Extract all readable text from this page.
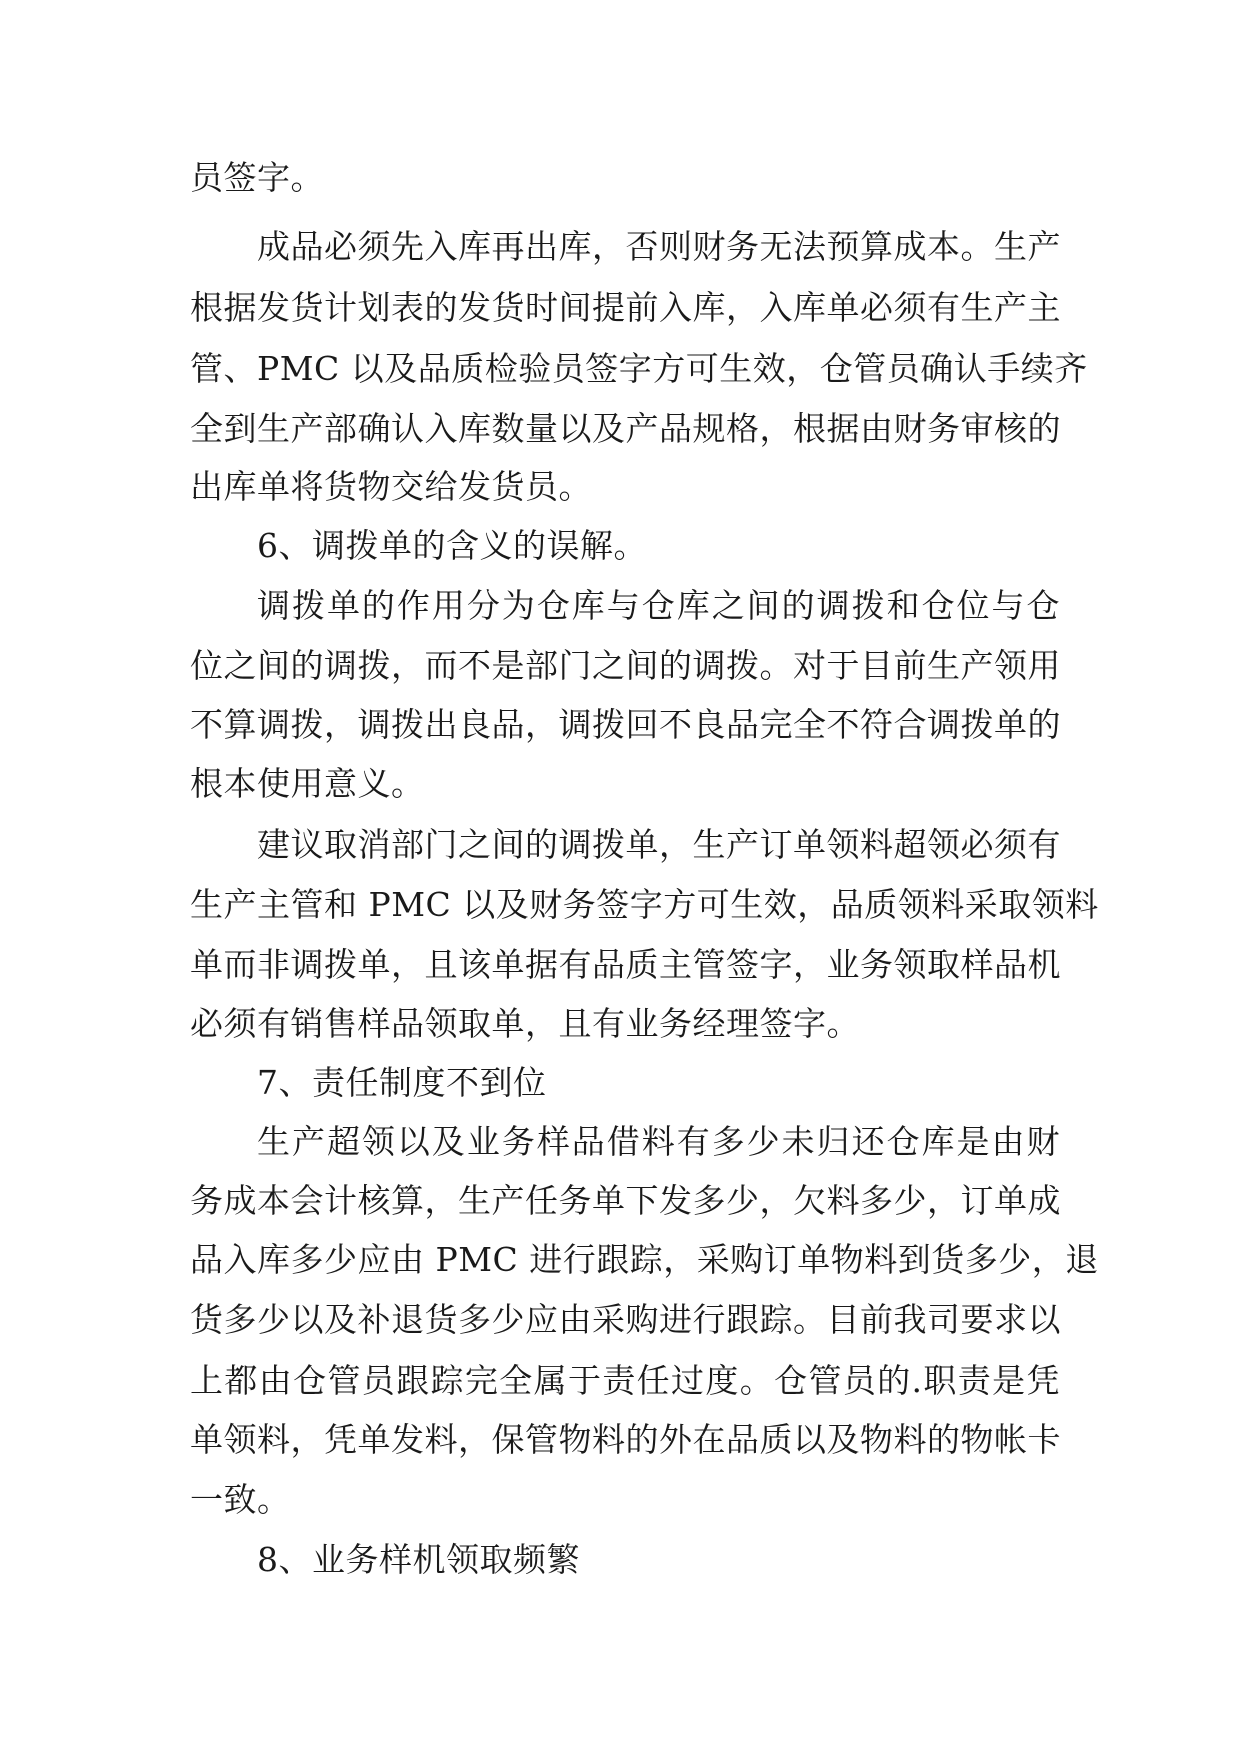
员签字。
成品必须先入库再出库，否则财务无法预算成本。生产
根据发货计划表的发货时间提前入库，入库单必须有生产主
管、PMC 以及品质检验员签字方可生效，仓管员确认手续齐
全到生产部确认入库数量以及产品规格，根据由财务审核的
出库单将货物交给发货员。
6、调拨单的含义的误解。
调拨单的作用分为仓库与仓库之间的调拨和仓位与仓
位之间的调拨，而不是部门之间的调拨。对于目前生产领用
不算调拨，调拨出良品，调拨回不良品完全不符合调拨单的
根本使用意义。
建议取消部门之间的调拨单，生产订单领料超领必须有
生产主管和 PMC 以及财务签字方可生效，品质领料采取领料
单而非调拨单，且该单据有品质主管签字，业务领取样品机
必须有销售样品领取单，且有业务经理签字。
7、责任制度不到位
生产超领以及业务样品借料有多少未归还仓库是由财
务成本会计核算，生产任务单下发多少，欠料多少，订单成
品入库多少应由 PMC 进行跟踪，采购订单物料到货多少，退
货多少以及补退货多少应由采购进行跟踪。目前我司要求以
上都由仓管员跟踪完全属于责任过度。仓管员的.职责是凭
单领料，凭单发料，保管物料的外在品质以及物料的物帐卡
一致。
8、业务样机领取频繁
